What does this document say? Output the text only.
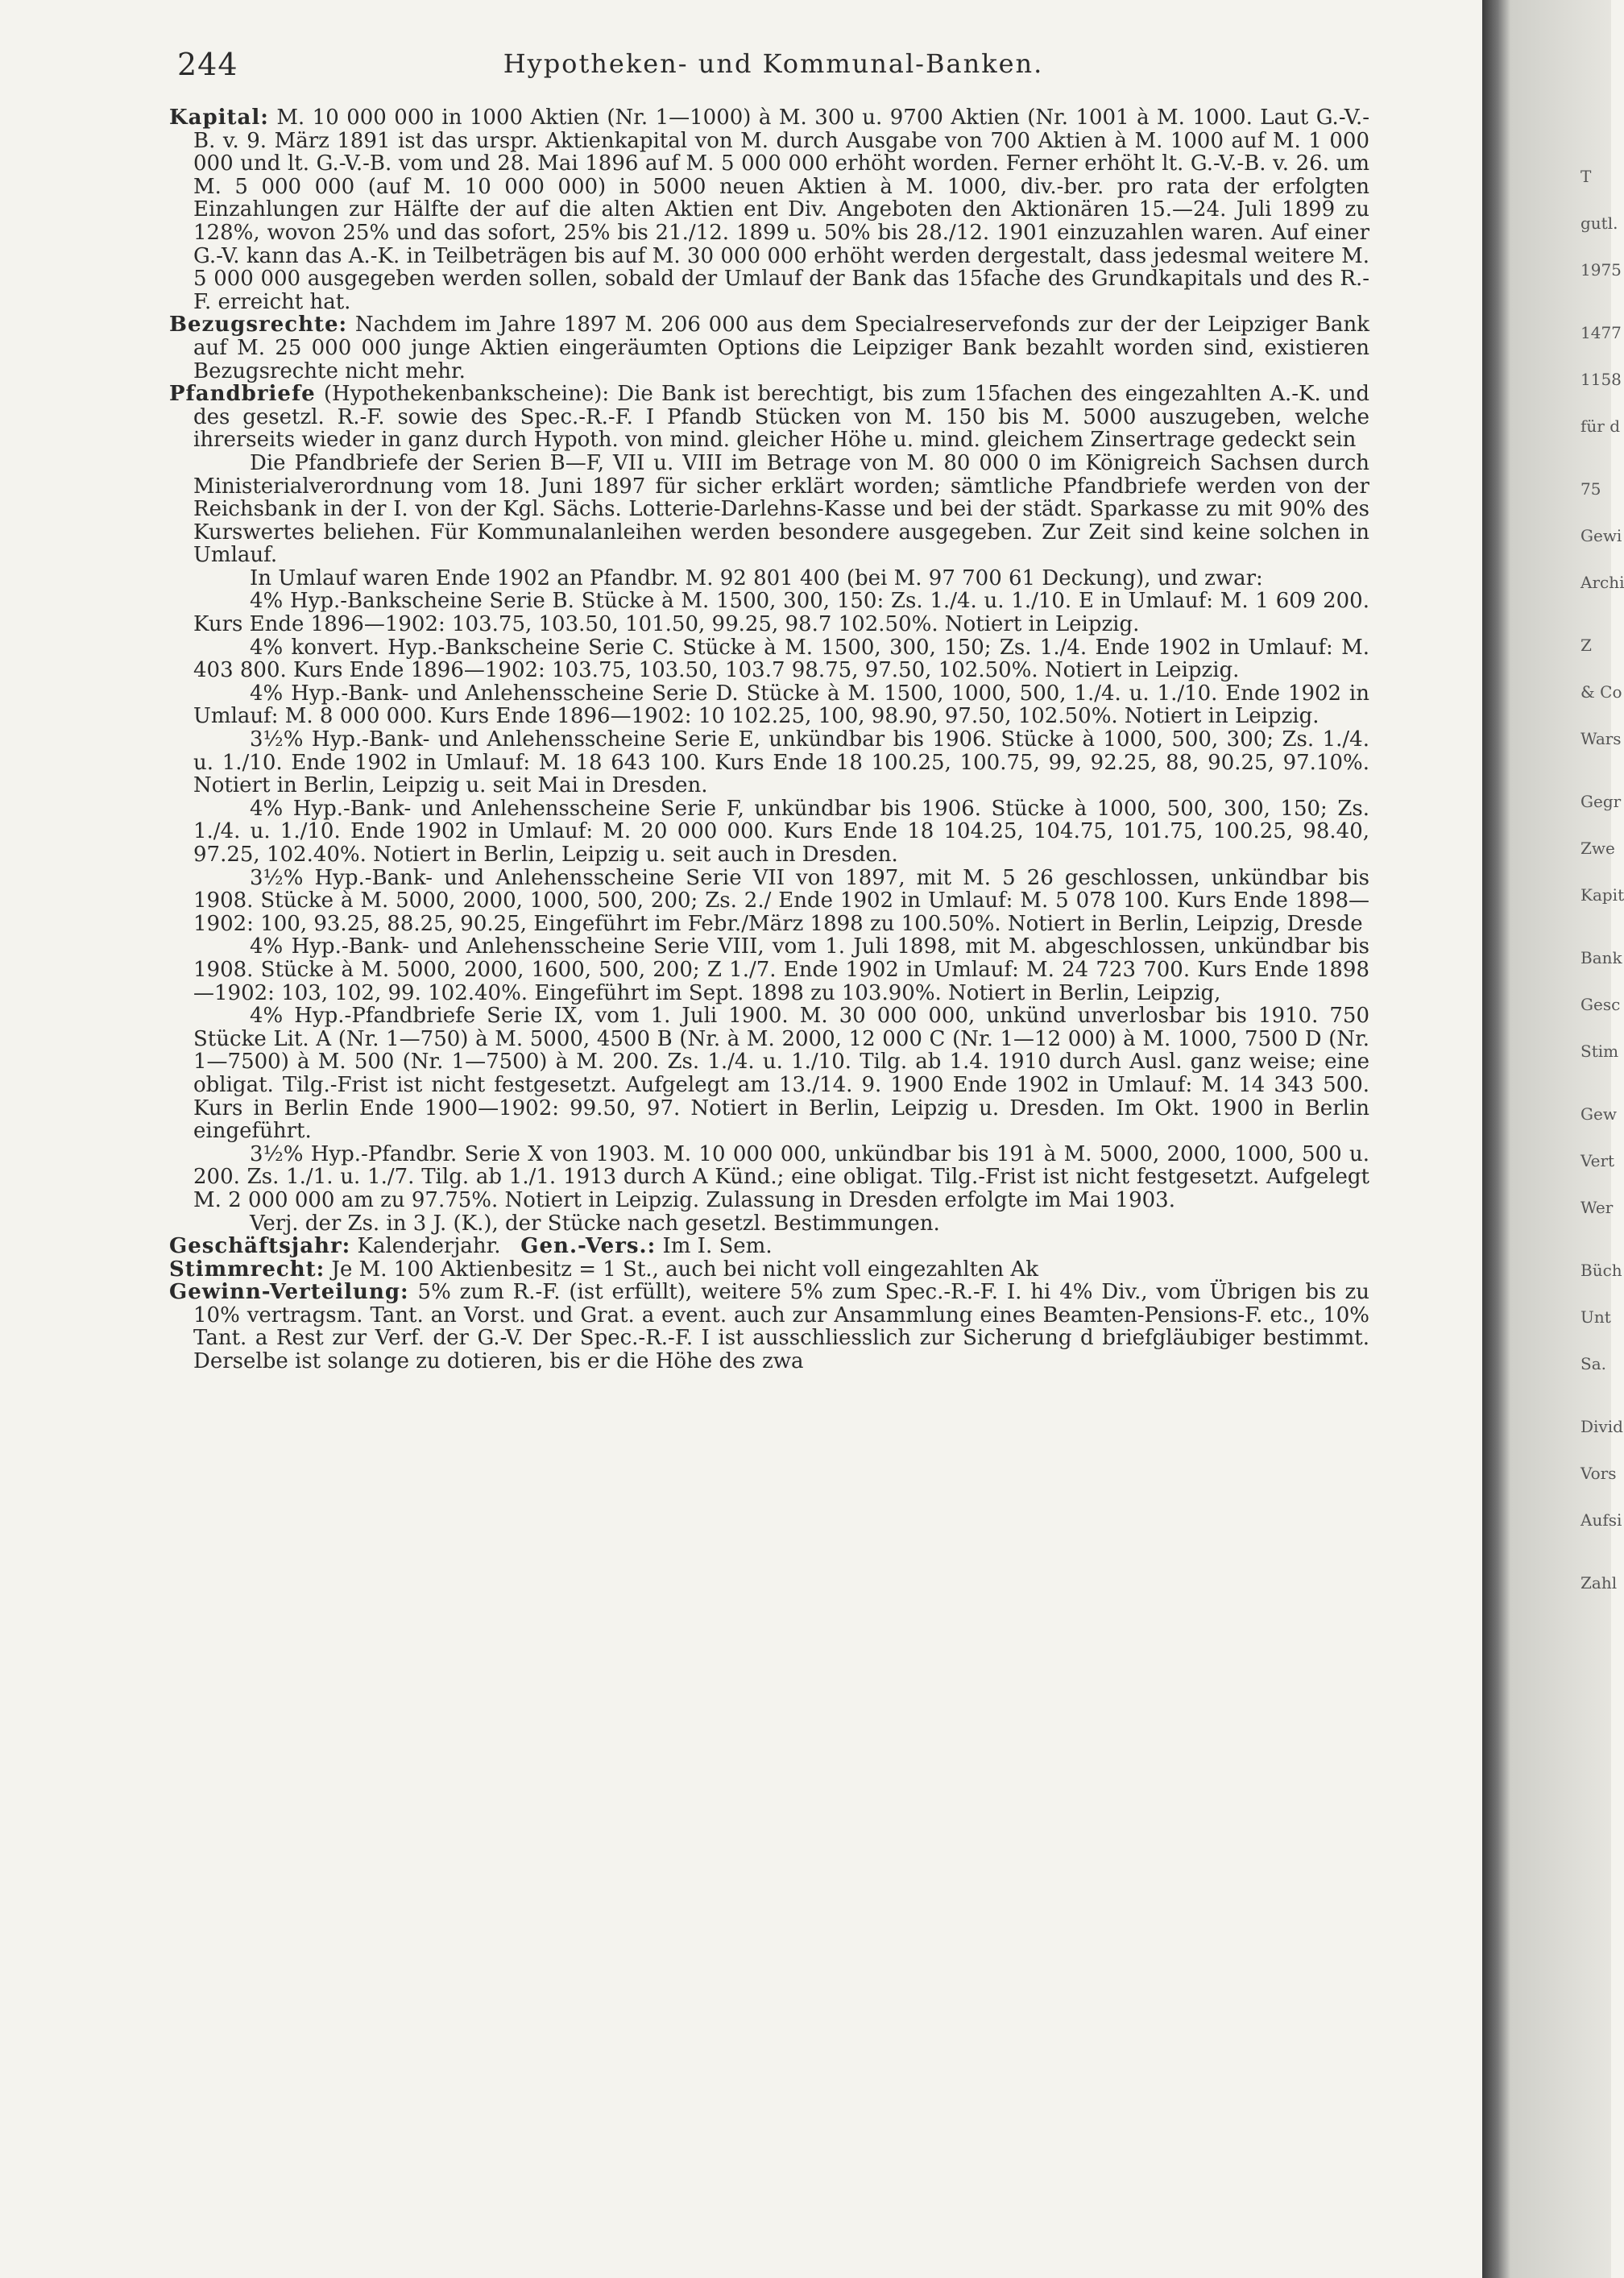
244	Hypotheken- und Kommunal-Banken.

Kapital: M. 10 000 000 in 1000 Aktien (Nr. 1—1000) à M. 300 u. 9700 Aktien (Nr. 1001 à M. 1000. Laut G.-V.-B. v. 9. März 1891 ist das urspr. Aktienkapital von M. durch Ausgabe von 700 Aktien à M. 1000 auf M. 1 000 000 und lt. G.-V.-B. vom und 28. Mai 1896 auf M. 5 000 000 erhöht worden. Ferner erhöht lt. G.-V.-B. v. 26. um M. 5 000 000 (auf M. 10 000 000) in 5000 neuen Aktien à M. 1000, div.-ber. pro rata der erfolgten Einzahlungen zur Hälfte der auf die alten Aktien ent Div. Angeboten den Aktionären 15.—24. Juli 1899 zu 128%, wovon 25% und das sofort, 25% bis 21./12. 1899 u. 50% bis 28./12. 1901 einzuzahlen waren. Auf einer G.-V. kann das A.-K. in Teilbeträgen bis auf M. 30 000 000 erhöht werden dergestalt, dass jedesmal weitere M. 5 000 000 ausgegeben werden sollen, sobald der Umlauf der Bank das 15fache des Grundkapitals und des R.-F. erreicht hat.

Bezugsrechte: Nachdem im Jahre 1897 M. 206 000 aus dem Specialreservefonds zur der der Leipziger Bank auf M. 25 000 000 junge Aktien eingeräumten Options die Leipziger Bank bezahlt worden sind, existieren Bezugsrechte nicht mehr.

Pfandbriefe (Hypothekenbankscheine): Die Bank ist berechtigt, bis zum 15fachen des eingezahlten A.-K. und des gesetzl. R.-F. sowie des Spec.-R.-F. I Pfandb Stücken von M. 150 bis M. 5000 auszugeben, welche ihrerseits wieder in ganz durch Hypoth. von mind. gleicher Höhe u. mind. gleichem Zinsertrage gedeckt sein

Die Pfandbriefe der Serien B—F, VII u. VIII im Betrage von M. 80 000 0 im Königreich Sachsen durch Ministerialverordnung vom 18. Juni 1897 für sicher erklärt worden; sämtliche Pfandbriefe werden von der Reichsbank in der I. von der Kgl. Sächs. Lotterie-Darlehns-Kasse und bei der städt. Sparkasse zu mit 90% des Kurswertes beliehen. Für Kommunalanleihen werden besondere ausgegeben. Zur Zeit sind keine solchen in Umlauf.

In Umlauf waren Ende 1902 an Pfandbr. M. 92 801 400 (bei M. 97 700 61 Deckung), und zwar:

4% Hyp.-Bankscheine Serie B. Stücke à M. 1500, 300, 150: Zs. 1./4. u. 1./10. E in Umlauf: M. 1 609 200. Kurs Ende 1896—1902: 103.75, 103.50, 101.50, 99.25, 98.7 102.50%. Notiert in Leipzig.

4% konvert. Hyp.-Bankscheine Serie C. Stücke à M. 1500, 300, 150; Zs. 1./4. Ende 1902 in Umlauf: M. 403 800. Kurs Ende 1896—1902: 103.75, 103.50, 103.7 98.75, 97.50, 102.50%. Notiert in Leipzig.

4% Hyp.-Bank- und Anlehensscheine Serie D. Stücke à M. 1500, 1000, 500, 1./4. u. 1./10. Ende 1902 in Umlauf: M. 8 000 000. Kurs Ende 1896—1902: 10 102.25, 100, 98.90, 97.50, 102.50%. Notiert in Leipzig.

3½% Hyp.-Bank- und Anlehensscheine Serie E, unkündbar bis 1906. Stücke à 1000, 500, 300; Zs. 1./4. u. 1./10. Ende 1902 in Umlauf: M. 18 643 100. Kurs Ende 18 100.25, 100.75, 99, 92.25, 88, 90.25, 97.10%. Notiert in Berlin, Leipzig u. seit Mai in Dresden.

4% Hyp.-Bank- und Anlehensscheine Serie F, unkündbar bis 1906. Stücke à 1000, 500, 300, 150; Zs. 1./4. u. 1./10. Ende 1902 in Umlauf: M. 20 000 000. Kurs Ende 18 104.25, 104.75, 101.75, 100.25, 98.40, 97.25, 102.40%. Notiert in Berlin, Leipzig u. seit auch in Dresden.

3½% Hyp.-Bank- und Anlehensscheine Serie VII von 1897, mit M. 5 26 geschlossen, unkündbar bis 1908. Stücke à M. 5000, 2000, 1000, 500, 200; Zs. 2./ Ende 1902 in Umlauf: M. 5 078 100. Kurs Ende 1898—1902: 100, 93.25, 88.25, 90.25, Eingeführt im Febr./März 1898 zu 100.50%. Notiert in Berlin, Leipzig, Dresde

4% Hyp.-Bank- und Anlehensscheine Serie VIII, vom 1. Juli 1898, mit M. abgeschlossen, unkündbar bis 1908. Stücke à M. 5000, 2000, 1600, 500, 200; Z 1./7. Ende 1902 in Umlauf: M. 24 723 700. Kurs Ende 1898—1902: 103, 102, 99. 102.40%. Eingeführt im Sept. 1898 zu 103.90%. Notiert in Berlin, Leipzig,

4% Hyp.-Pfandbriefe Serie IX, vom 1. Juli 1900. M. 30 000 000, unkünd unverlosbar bis 1910. 750 Stücke Lit. A (Nr. 1—750) à M. 5000, 4500 B (Nr. à M. 2000, 12 000 C (Nr. 1—12 000) à M. 1000, 7500 D (Nr. 1—7500) à M. 500 (Nr. 1—7500) à M. 200. Zs. 1./4. u. 1./10. Tilg. ab 1.4. 1910 durch Ausl. ganz weise; eine obligat. Tilg.-Frist ist nicht festgesetzt. Aufgelegt am 13./14. 9. 1900 Ende 1902 in Umlauf: M. 14 343 500. Kurs in Berlin Ende 1900—1902: 99.50, 97. Notiert in Berlin, Leipzig u. Dresden. Im Okt. 1900 in Berlin eingeführt.

3½% Hyp.-Pfandbr. Serie X von 1903. M. 10 000 000, unkündbar bis 191 à M. 5000, 2000, 1000, 500 u. 200. Zs. 1./1. u. 1./7. Tilg. ab 1./1. 1913 durch A Künd.; eine obligat. Tilg.-Frist ist nicht festgesetzt. Aufgelegt M. 2 000 000 am zu 97.75%. Notiert in Leipzig. Zulassung in Dresden erfolgte im Mai 1903.

Verj. der Zs. in 3 J. (K.), der Stücke nach gesetzl. Bestimmungen.

Geschäftsjahr: Kalenderjahr. Gen.-Vers.: Im I. Sem.

Stimmrecht: Je M. 100 Aktienbesitz = 1 St., auch bei nicht voll eingezahlten Ak

Gewinn-Verteilung: 5% zum R.-F. (ist erfüllt), weitere 5% zum Spec.-R.-F. I. hi 4% Div., vom Übrigen bis zu 10% vertragsm. Tant. an Vorst. und Grat. a event. auch zur Ansammlung eines Beamten-Pensions-F. etc., 10% Tant. a Rest zur Verf. der G.-V. Der Spec.-R.-F. I ist ausschliesslich zur Sicherung d briefgläubiger bestimmt. Derselbe ist solange zu dotieren, bis er die Höhe des zwa

T
gutl.
1975
1477
1158
für d
75
Gewi
Archi
Z
& Co
Wars
Gegr
Zwe
Kapit
Bank
Gesc
Stim
Gew
Vert
Wer
Büch
Unt
Sa.
Divid
Vors
Aufsi
Zahl
